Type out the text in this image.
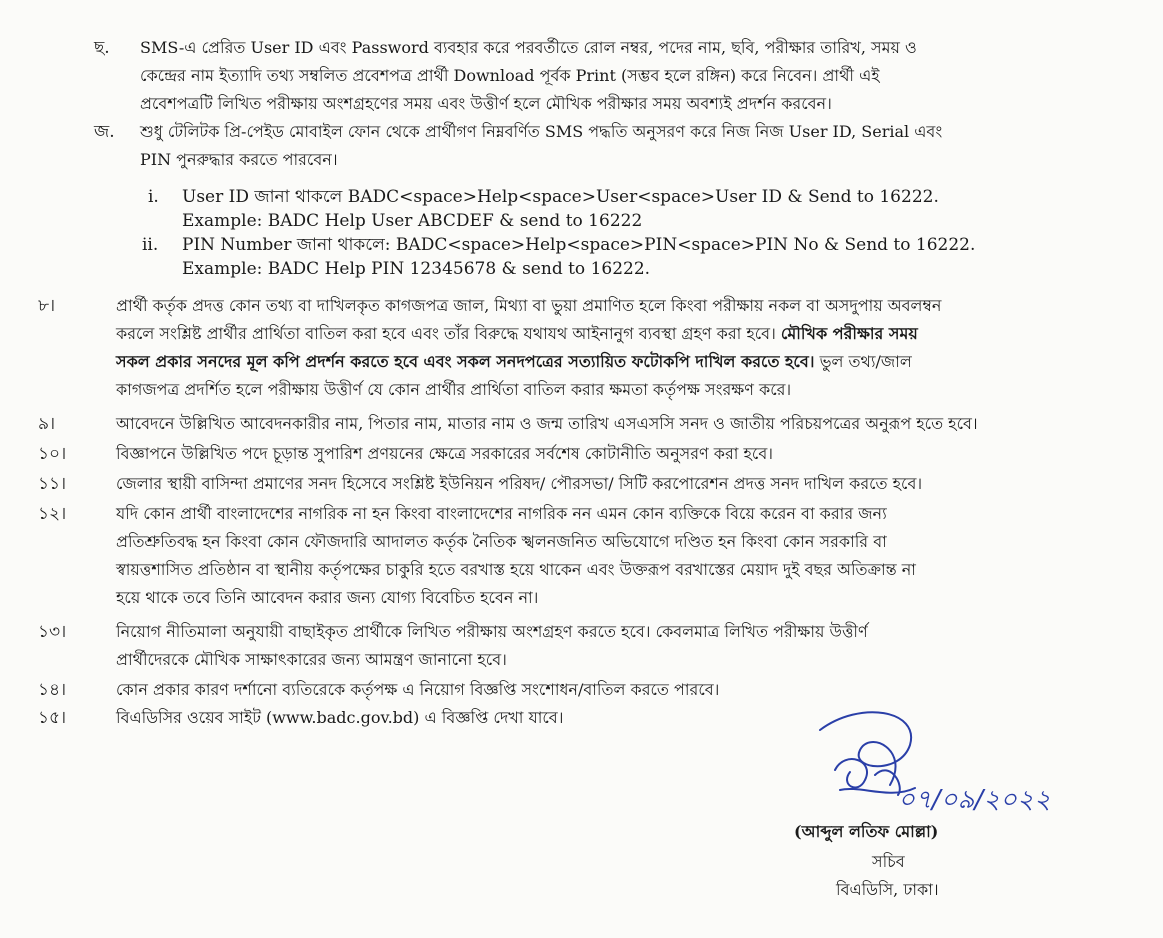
ছ. SMS-এ প্রেরিত User ID এবং Password ব্যবহার করে পরবর্তীতে রোল নম্বর, পদের নাম, ছবি, পরীক্ষার তারিখ, সময় ও
কেন্দ্রের নাম ইত্যাদি তথ্য সম্বলিত প্রবেশপত্র প্রার্থী Download পূর্বক Print (সম্ভব হলে রঙ্গিন) করে নিবেন। প্রার্থী এই
প্রবেশপত্রটি লিখিত পরীক্ষায় অংশগ্রহণের সময় এবং উত্তীর্ণ হলে মৌখিক পরীক্ষার সময় অবশ্যই প্রদর্শন করবেন।
জ. শুধু টেলিটক প্রি-পেইড মোবাইল ফোন থেকে প্রার্থীগণ নিম্নবর্ণিত SMS পদ্ধতি অনুসরণ করে নিজ নিজ User ID, Serial এবং
PIN পুনরুদ্ধার করতে পারবেন।
i. User ID জানা থাকলে BADC<space>Help<space>User<space>User ID & Send to 16222.
Example: BADC Help User ABCDEF & send to 16222
ii. PIN Number জানা থাকলে: BADC<space>Help<space>PIN<space>PIN No & Send to 16222.
Example: BADC Help PIN 12345678 & send to 16222.
৮।	প্রার্থী কর্তৃক প্রদত্ত কোন তথ্য বা দাখিলকৃত কাগজপত্র জাল, মিথ্যা বা ভুয়া প্রমাণিত হলে কিংবা পরীক্ষায় নকল বা অসদুপায় অবলম্বন
করলে সংশ্লিষ্ট প্রার্থীর প্রার্থিতা বাতিল করা হবে এবং তাঁর বিরুদ্ধে যথাযথ আইনানুগ ব্যবস্থা গ্রহণ করা হবে। মৌখিক পরীক্ষার সময়
সকল প্রকার সনদের মূল কপি প্রদর্শন করতে হবে এবং সকল সনদপত্রের সত্যায়িত ফটোকপি দাখিল করতে হবে। ভুল তথ্য/জাল
কাগজপত্র প্রদর্শিত হলে পরীক্ষায় উত্তীর্ণ যে কোন প্রার্থীর প্রার্থিতা বাতিল করার ক্ষমতা কর্তৃপক্ষ সংরক্ষণ করে।
৯।	আবেদনে উল্লিখিত আবেদনকারীর নাম, পিতার নাম, মাতার নাম ও জন্ম তারিখ এসএসসি সনদ ও জাতীয় পরিচয়পত্রের অনুরূপ হতে হবে।
১০।	বিজ্ঞাপনে উল্লিখিত পদে চূড়ান্ত সুপারিশ প্রণয়নের ক্ষেত্রে সরকারের সর্বশেষ কোটানীতি অনুসরণ করা হবে।
১১।	জেলার স্থায়ী বাসিন্দা প্রমাণের সনদ হিসেবে সংশ্লিষ্ট ইউনিয়ন পরিষদ/ পৌরসভা/ সিটি করপোরেশন প্রদত্ত সনদ দাখিল করতে হবে।
১২।	যদি কোন প্রার্থী বাংলাদেশের নাগরিক না হন কিংবা বাংলাদেশের নাগরিক নন এমন কোন ব্যক্তিকে বিয়ে করেন বা করার জন্য
প্রতিশ্রুতিবদ্ধ হন কিংবা কোন ফৌজদারি আদালত কর্তৃক নৈতিক স্খলনজনিত অভিযোগে দণ্ডিত হন কিংবা কোন সরকারি বা
স্বায়ত্তশাসিত প্রতিষ্ঠান বা স্থানীয় কর্তৃপক্ষের চাকুরি হতে বরখাস্ত হয়ে থাকেন এবং উক্তরূপ বরখাস্তের মেয়াদ দুই বছর অতিক্রান্ত না
হয়ে থাকে তবে তিনি আবেদন করার জন্য যোগ্য বিবেচিত হবেন না।
১৩।	নিয়োগ নীতিমালা অনুযায়ী বাছাইকৃত প্রার্থীকে লিখিত পরীক্ষায় অংশগ্রহণ করতে হবে। কেবলমাত্র লিখিত পরীক্ষায় উত্তীর্ণ
প্রার্থীদেরকে মৌখিক সাক্ষাৎকারের জন্য আমন্ত্রণ জানানো হবে।
১৪।	কোন প্রকার কারণ দর্শানো ব্যতিরেকে কর্তৃপক্ষ এ নিয়োগ বিজ্ঞপ্তি সংশোধন/বাতিল করতে পারবে।
১৫।	বিএডিসির ওয়েব সাইট (www.badc.gov.bd) এ বিজ্ঞপ্তি দেখা যাবে।
০৭/০৯/২০২২
(আব্দুল লতিফ মোল্লা)
সচিব
বিএডিসি, ঢাকা।
